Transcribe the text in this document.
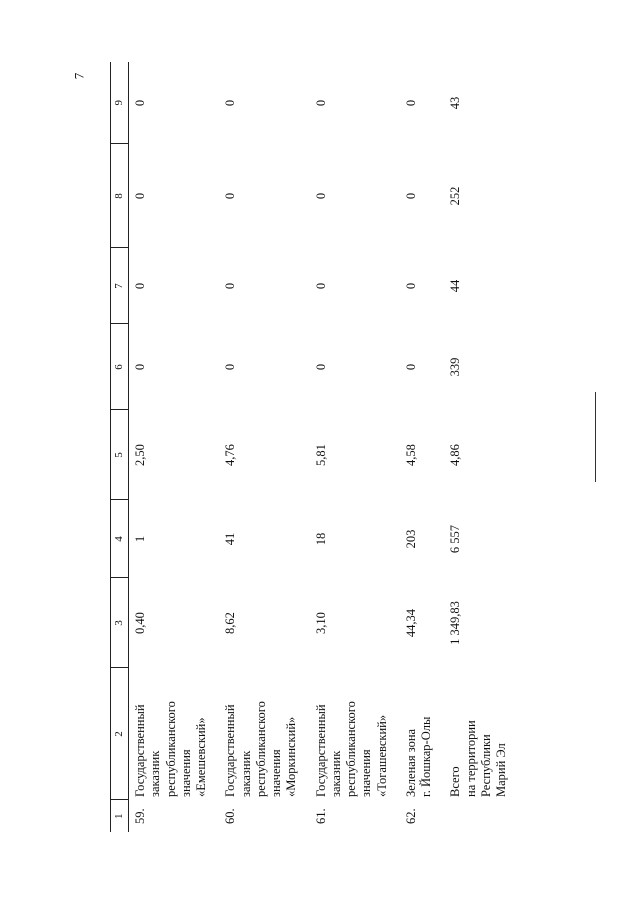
7
1	2	3	4	5	6	7	8	9
59.	Государственный заказник республиканского значения «Емешевский»	0,40	1	2,50	0	0	0	0
60.	Государственный заказник республиканского значения «Моркинский»	8,62	41	4,76	0	0	0	0
61.	Государственный заказник республиканского значения «Тогашевский»	3,10	18	5,81	0	0	0	0
62.	Зеленая зона г. Йошкар-Олы	44,34	203	4,58	0	0	0	0

	Всего на территории Республики Марий Эл	1 349,83	6 557	4,86	339	44	252	43
